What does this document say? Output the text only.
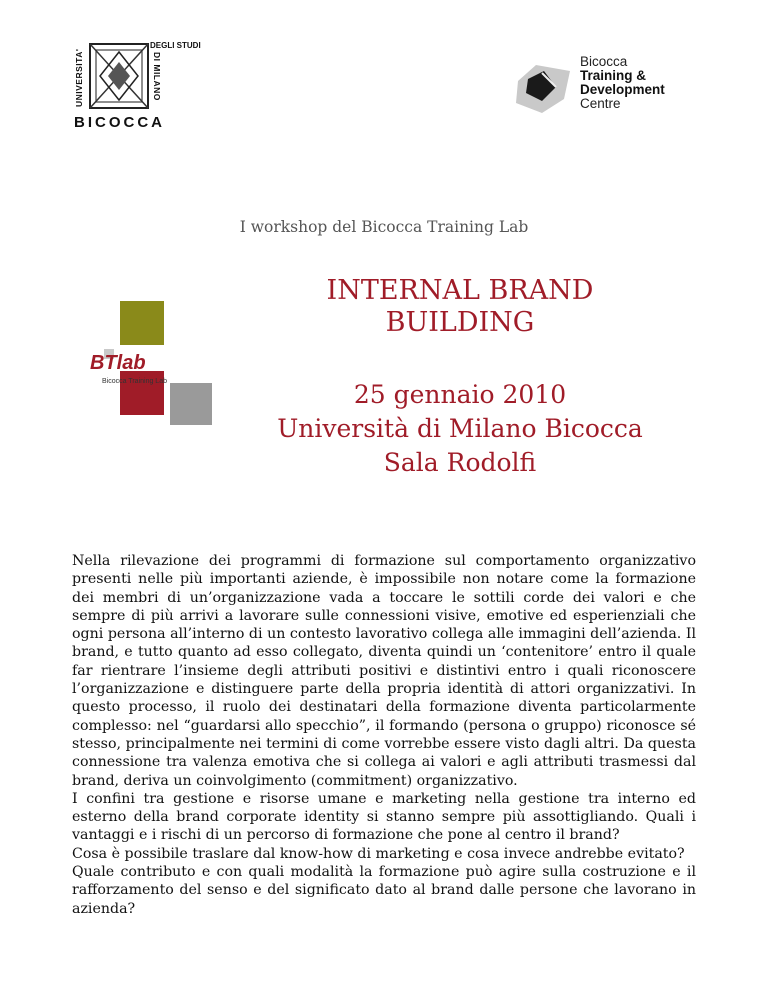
UNIVERSITA'
DEGLI STUDI
DI MILANO
BICOCCA
Bicocca
Training &
Development
Centre
I workshop del Bicocca Training Lab
INTERNAL BRAND
BUILDING
BTlab
Bicocca Training Lab	25 gennaio 2010
Università di Milano Bicocca
Sala Rodolfi

Nella rilevazione dei programmi di formazione sul comportamento organizzativo presenti nelle più importanti aziende, è impossibile non notare come la formazione dei membri di un’organizzazione vada a toccare le sottili corde dei valori e che sempre di più arrivi a lavorare sulle connessioni visive, emotive ed esperienziali che ogni persona all’interno di un contesto lavorativo collega alle immagini dell’azienda. Il brand, e tutto quanto ad esso collegato, diventa quindi un ‘contenitore’ entro il quale far rientrare l’insieme degli attributi positivi e distintivi entro i quali riconoscere l’organizzazione e distinguere parte della propria identità di attori organizzativi. In questo processo, il ruolo dei destinatari della formazione diventa particolarmente complesso: nel “guardarsi allo specchio”, il formando (persona o gruppo) riconosce sé stesso, principalmente nei termini di come vorrebbe essere visto dagli altri. Da questa connessione tra valenza emotiva che si collega ai valori e agli attributi trasmessi dal brand, deriva un coinvolgimento (commitment) organizzativo.

I confini tra gestione e risorse umane e marketing nella gestione tra interno ed esterno della brand corporate identity si stanno sempre più assottigliando. Quali i vantaggi e i rischi di un percorso di formazione che pone al centro il brand?

Cosa è possibile traslare dal know-how di marketing e cosa invece andrebbe evitato?

Quale contributo e con quali modalità la formazione può agire sulla costruzione e il rafforzamento del senso e del significato dato al brand dalle persone che lavorano in azienda?
